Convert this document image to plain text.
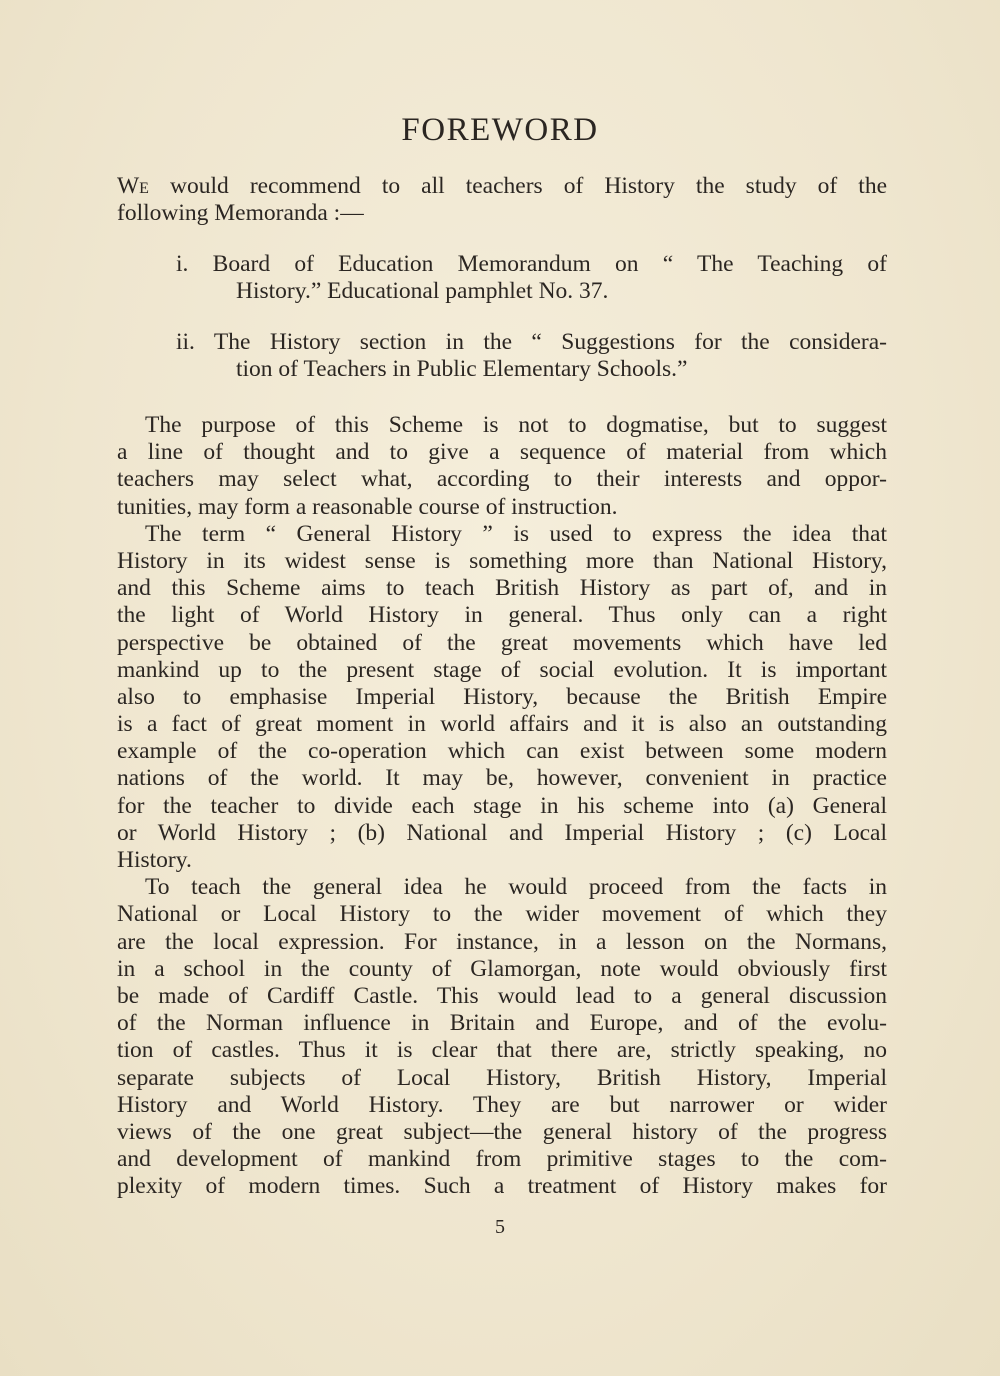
FOREWORD
We would recommend to all teachers of History the study of the
following Memoranda :—
i. Board of Education Memorandum on “ The Teaching of
History.” Educational pamphlet No. 37.
ii. The History section in the “ Suggestions for the considera-
tion of Teachers in Public Elementary Schools.”
The purpose of this Scheme is not to dogmatise, but to suggest
a line of thought and to give a sequence of material from which
teachers may select what, according to their interests and oppor-
tunities, may form a reasonable course of instruction.
The term “ General History ” is used to express the idea that
History in its widest sense is something more than National History,
and this Scheme aims to teach British History as part of, and in
the light of World History in general. Thus only can a right
perspective be obtained of the great movements which have led
mankind up to the present stage of social evolution. It is important
also to emphasise Imperial History, because the British Empire
is a fact of great moment in world affairs and it is also an outstanding
example of the co-operation which can exist between some modern
nations of the world. It may be, however, convenient in practice
for the teacher to divide each stage in his scheme into (a) General
or World History ; (b) National and Imperial History ; (c) Local
History.
To teach the general idea he would proceed from the facts in
National or Local History to the wider movement of which they
are the local expression. For instance, in a lesson on the Normans,
in a school in the county of Glamorgan, note would obviously first
be made of Cardiff Castle. This would lead to a general discussion
of the Norman influence in Britain and Europe, and of the evolu-
tion of castles. Thus it is clear that there are, strictly speaking, no
separate subjects of Local History, British History, Imperial
History and World History. They are but narrower or wider
views of the one great subject—the general history of the progress
and development of mankind from primitive stages to the com-
plexity of modern times. Such a treatment of History makes for
5
